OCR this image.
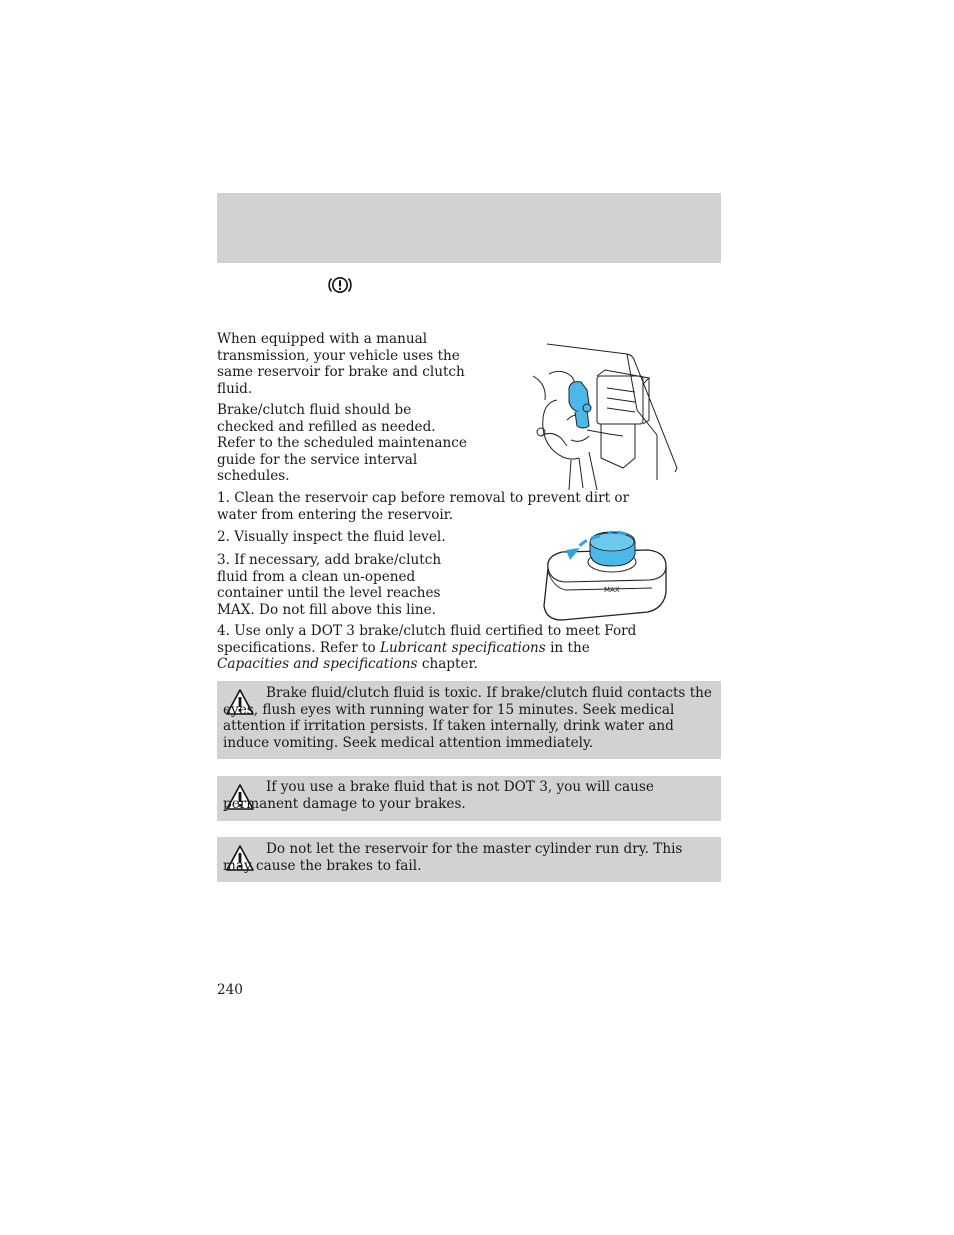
When equipped with a manual transmission, your vehicle uses the same reservoir for brake and clutch fluid.

Brake/clutch fluid should be checked and refilled as needed. Refer to the scheduled maintenance guide for the service interval schedules.

1. Clean the reservoir cap before removal to prevent dirt or water from entering the reservoir.

2. Visually inspect the fluid level.

3. If necessary, add brake/clutch fluid from a clean un-opened container until the level reaches MAX. Do not fill above this line.

MAX

4. Use only a DOT 3 brake/clutch fluid certified to meet Ford specifications. Refer to Lubricant specifications in the Capacities and specifications chapter.

Brake fluid/clutch fluid is toxic. If brake/clutch fluid contacts the eyes, flush eyes with running water for 15 minutes. Seek medical attention if irritation persists. If taken internally, drink water and induce vomiting. Seek medical attention immediately.

If you use a brake fluid that is not DOT 3, you will cause permanent damage to your brakes.

Do not let the reservoir for the master cylinder run dry. This may cause the brakes to fail.

240
